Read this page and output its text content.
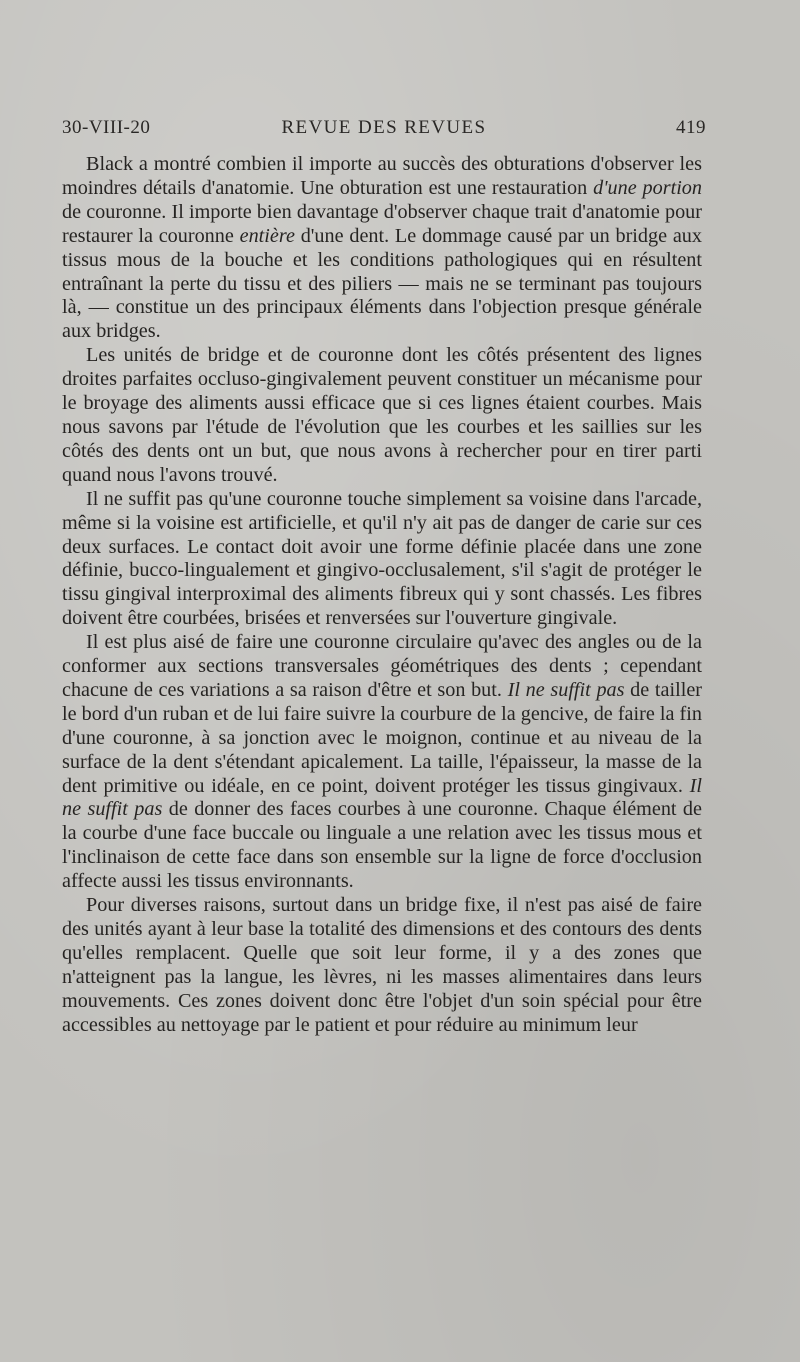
30-VIII-20	REVUE DES REVUES	419

Black a montré combien il importe au succès des obturations d'observer les moindres détails d'anatomie. Une obturation est une restauration d'une portion de couronne. Il importe bien davantage d'observer chaque trait d'anatomie pour restaurer la couronne entière d'une dent. Le dommage causé par un bridge aux tissus mous de la bouche et les conditions pathologiques qui en résultent entraînant la perte du tissu et des piliers — mais ne se terminant pas toujours là, — constitue un des principaux éléments dans l'objection presque générale aux bridges.

Les unités de bridge et de couronne dont les côtés présentent des lignes droites parfaites occluso-gingivalement peuvent constituer un mécanisme pour le broyage des aliments aussi efficace que si ces lignes étaient courbes. Mais nous savons par l'étude de l'évolution que les courbes et les saillies sur les côtés des dents ont un but, que nous avons à rechercher pour en tirer parti quand nous l'avons trouvé.

Il ne suffit pas qu'une couronne touche simplement sa voisine dans l'arcade, même si la voisine est artificielle, et qu'il n'y ait pas de danger de carie sur ces deux surfaces. Le contact doit avoir une forme définie placée dans une zone définie, bucco-lingualement et gingivo-occlusalement, s'il s'agit de protéger le tissu gingival interproximal des aliments fibreux qui y sont chassés. Les fibres doivent être courbées, brisées et renversées sur l'ouverture gingivale.

Il est plus aisé de faire une couronne circulaire qu'avec des angles ou de la conformer aux sections transversales géométriques des dents ; cependant chacune de ces variations a sa raison d'être et son but. Il ne suffit pas de tailler le bord d'un ruban et de lui faire suivre la courbure de la gencive, de faire la fin d'une couronne, à sa jonction avec le moignon, continue et au niveau de la surface de la dent s'étendant apicalement. La taille, l'épaisseur, la masse de la dent primitive ou idéale, en ce point, doivent protéger les tissus gingivaux. Il ne suffit pas de donner des faces courbes à une couronne. Chaque élément de la courbe d'une face buccale ou linguale a une relation avec les tissus mous et l'inclinaison de cette face dans son ensemble sur la ligne de force d'occlusion affecte aussi les tissus environnants.

Pour diverses raisons, surtout dans un bridge fixe, il n'est pas aisé de faire des unités ayant à leur base la totalité des dimensions et des contours des dents qu'elles remplacent. Quelle que soit leur forme, il y a des zones que n'atteignent pas la langue, les lèvres, ni les masses alimentaires dans leurs mouvements. Ces zones doivent donc être l'objet d'un soin spécial pour être accessibles au nettoyage par le patient et pour réduire au minimum leur
